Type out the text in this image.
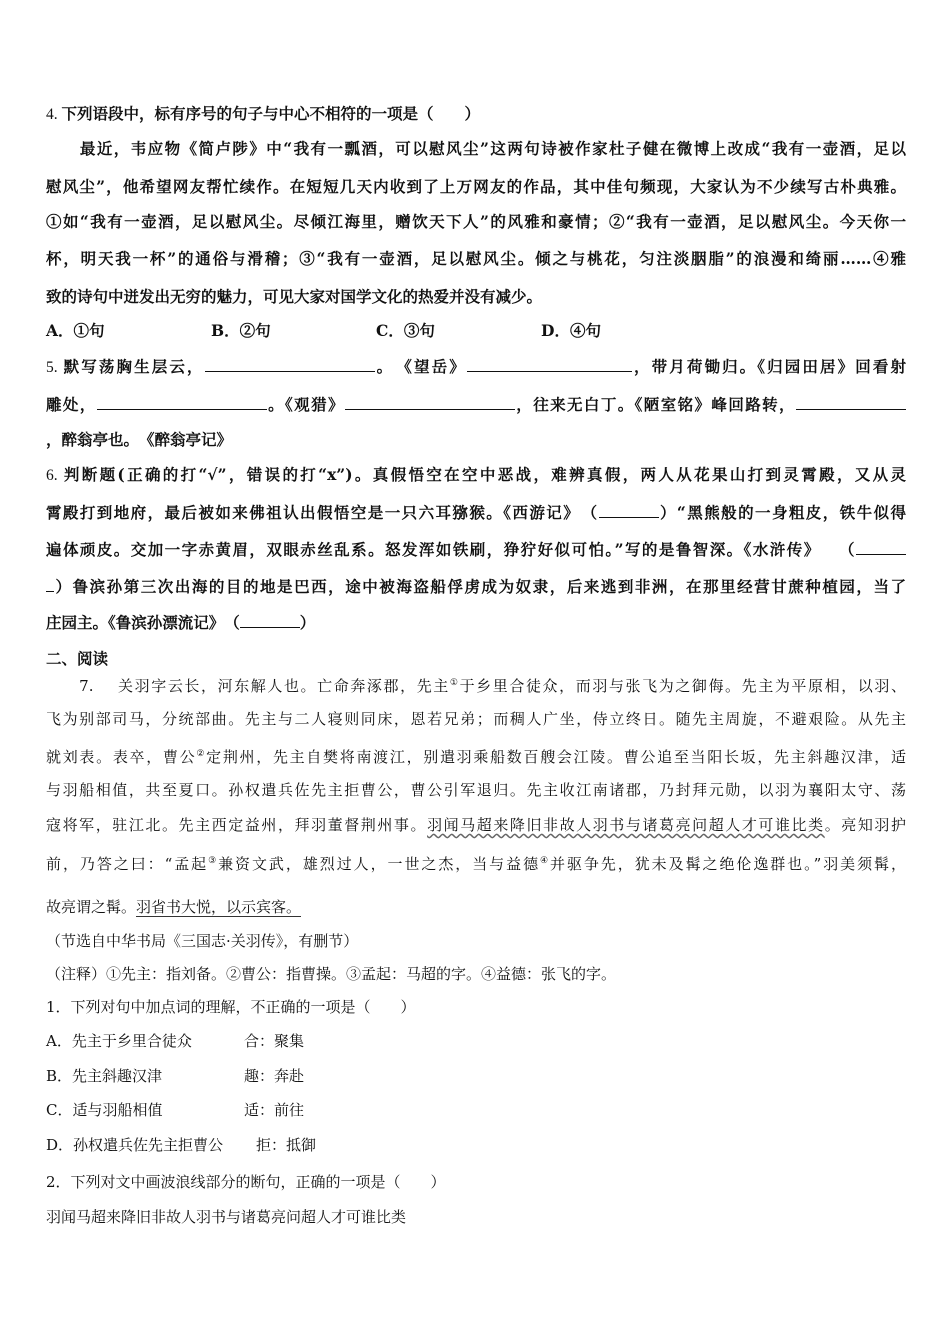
4. 下列语段中，标有序号的句子与中心不相符的一项是（　　）
　　最近，韦应物《简卢陟》中“我有一瓢酒，可以慰风尘”这两句诗被作家杜子健在微博上改成“我有一壶酒，足以
慰风尘”，他希望网友帮忙续作。在短短几天内收到了上万网友的作品，其中佳句频现，大家认为不少续写古朴典雅。
①如“我有一壶酒，足以慰风尘。尽倾江海里，赠饮天下人”的风雅和豪情；②“我有一壶酒，足以慰风尘。今天你一
杯，明天我一杯”的通俗与滑稽；③“我有一壶酒，足以慰风尘。倾之与桃花，匀注淡胭脂”的浪漫和绮丽……④雅
致的诗句中迸发出无穷的魅力，可见大家对国学文化的热爱并没有减少。
A．①句	B．②句	C．③句	D．④句
5. 默写荡胸生层云，	。　《望岳》	，带月荷锄归。《归园田居》回看射
雕处，	。《观猎》	，往来无白丁。《陋室铭》峰回路转，
，醉翁亭也。　《醉翁亭记》
6. 判断题(正确的打“√”，错误的打“x”)。真假悟空在空中恶战，难辨真假，两人从花果山打到灵霄殿，又从灵
霄殿打到地府，最后被如来佛祖认出假悟空是一只六耳猕猴。《西游记》　（	）“黑熊般的一身粗皮，铁牛似得
遍体顽皮。交加一字赤黄眉，双眼赤丝乱系。怒发浑如铁刷，狰狞好似可怕。”写的是鲁智深。《水浒传》　　（
）鲁滨孙第三次出海的目的地是巴西，途中被海盗船俘虏成为奴隶，后来逃到非洲，在那里经营甘蔗种植园，当了
庄园主。《鲁滨孙漂流记》　（	）
二、阅读
　　7.　 关羽字云长，河东解人也。亡命奔涿郡，先主①于乡里合徒众，而羽与张飞为之御侮。先主为平原相，以羽、
飞为别部司马，分统部曲。先主与二人寝则同床，恩若兄弟；而稠人广坐，侍立终日。随先主周旋，不避艰险。从先主
就刘表。表卒，曹公②定荆州，先主自樊将南渡江，别遣羽乘船数百艘会江陵。曹公追至当阳长坂，先主斜趣汉津，适
与羽船相值，共至夏口。孙权遣兵佐先主拒曹公，曹公引军退归。先主收江南诸郡，乃封拜元勋，以羽为襄阳太守、荡
寇将军，驻江北。先主西定益州，拜羽董督荆州事。羽闻马超来降旧非故人羽书与诸葛亮问超人才可谁比类。亮知羽护
前，乃答之曰：“孟起③兼资文武，雄烈过人，一世之杰，当与益德④并驱争先，犹未及髯之绝伦逸群也。”羽美须髯，
故亮谓之髯。羽省书大悦，以示宾客。
（节选自中华书局《三国志·关羽传》，有删节）
（注释）①先主：指刘备。②曹公：指曹操。③孟起：马超的字。④益德：张飞的字。
1．下列对句中加点词的理解，不正确的一项是（　　）
A．先主于乡里合徒众	合：聚集
B．先主斜趣汉津	趣：奔赴
C．适与羽船相值	适：前往
D．孙权遣兵佐先主拒曹公 拒：抵御
2．下列对文中画波浪线部分的断句，正确的一项是（　　）
羽闻马超来降旧非故人羽书与诸葛亮问超人才可谁比类
